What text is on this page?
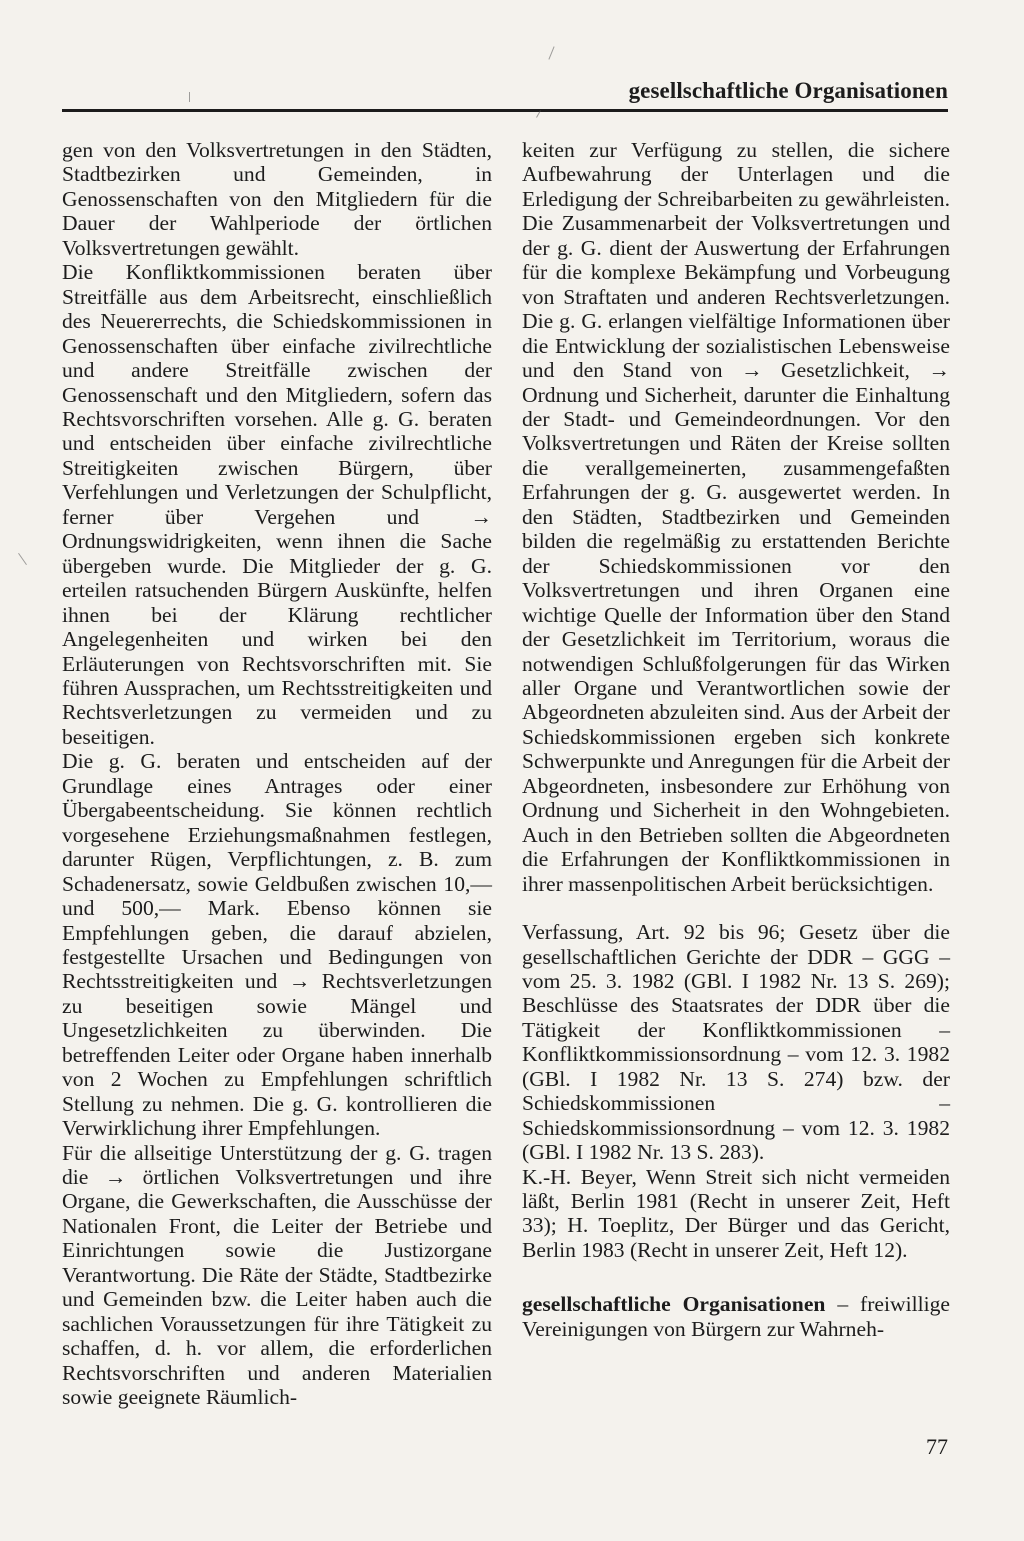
gesellschaftliche Organisationen

gen von den Volksvertretungen in den Städten, Stadtbezirken und Gemeinden, in Genossenschaften von den Mitgliedern für die Dauer der Wahlperiode der örtlichen Volksvertretungen gewählt.

Die Konfliktkommissionen beraten über Streitfälle aus dem Arbeitsrecht, einschließlich des Neuererrechts, die Schiedskommissionen in Genossenschaften über einfache zivilrechtliche und andere Streitfälle zwischen der Genossenschaft und den Mitgliedern, sofern das Rechtsvorschriften vorsehen. Alle g. G. beraten und entscheiden über einfache zivilrechtliche Streitigkeiten zwischen Bürgern, über Verfehlungen und Verletzungen der Schulpflicht, ferner über Vergehen und → Ordnungswidrigkeiten, wenn ihnen die Sache übergeben wurde. Die Mitglieder der g. G. erteilen ratsuchenden Bürgern Auskünfte, helfen ihnen bei der Klärung rechtlicher Angelegenheiten und wirken bei den Erläuterungen von Rechtsvorschriften mit. Sie führen Aussprachen, um Rechtsstreitigkeiten und Rechtsverletzungen zu vermeiden und zu beseitigen.

Die g. G. beraten und entscheiden auf der Grundlage eines Antrages oder einer Übergabeentscheidung. Sie können rechtlich vorgesehene Erziehungsmaßnahmen festlegen, darunter Rügen, Verpflichtungen, z. B. zum Schadenersatz, sowie Geldbußen zwischen 10,— und 500,— Mark. Ebenso können sie Empfehlungen geben, die darauf abzielen, festgestellte Ursachen und Bedingungen von Rechtsstreitigkeiten und → Rechtsverletzungen zu beseitigen sowie Mängel und Ungesetzlichkeiten zu überwinden. Die betreffenden Leiter oder Organe haben innerhalb von 2 Wochen zu Empfehlungen schriftlich Stellung zu nehmen. Die g. G. kontrollieren die Verwirklichung ihrer Empfehlungen.

Für die allseitige Unterstützung der g. G. tragen die → örtlichen Volksvertretungen und ihre Organe, die Gewerkschaften, die Ausschüsse der Nationalen Front, die Leiter der Betriebe und Einrichtungen sowie die Justizorgane Verantwortung. Die Räte der Städte, Stadtbezirke und Gemeinden bzw. die Leiter haben auch die sachlichen Voraussetzungen für ihre Tätigkeit zu schaffen, d. h. vor allem, die erforderlichen Rechtsvorschriften und anderen Materialien sowie geeignete Räumlich-

keiten zur Verfügung zu stellen, die sichere Aufbewahrung der Unterlagen und die Erledigung der Schreibarbeiten zu gewährleisten. Die Zusammenarbeit der Volksvertretungen und der g. G. dient der Auswertung der Erfahrungen für die komplexe Bekämpfung und Vorbeugung von Straftaten und anderen Rechtsverletzungen. Die g. G. erlangen vielfältige Informationen über die Entwicklung der sozialistischen Lebensweise und den Stand von → Gesetzlichkeit, → Ordnung und Sicherheit, darunter die Einhaltung der Stadt- und Gemeindeordnungen. Vor den Volksvertretungen und Räten der Kreise sollten die verallgemeinerten, zusammengefaßten Erfahrungen der g. G. ausgewertet werden. In den Städten, Stadtbezirken und Gemeinden bilden die regelmäßig zu erstattenden Berichte der Schiedskommissionen vor den Volksvertretungen und ihren Organen eine wichtige Quelle der Information über den Stand der Gesetzlichkeit im Territorium, woraus die notwendigen Schlußfolgerungen für das Wirken aller Organe und Verantwortlichen sowie der Abgeordneten abzuleiten sind. Aus der Arbeit der Schiedskommissionen ergeben sich konkrete Schwerpunkte und Anregungen für die Arbeit der Abgeordneten, insbesondere zur Erhöhung von Ordnung und Sicherheit in den Wohngebieten. Auch in den Betrieben sollten die Abgeordneten die Erfahrungen der Konfliktkommissionen in ihrer massenpolitischen Arbeit berücksichtigen.

Verfassung, Art. 92 bis 96; Gesetz über die gesellschaftlichen Gerichte der DDR – GGG – vom 25. 3. 1982 (GBl. I 1982 Nr. 13 S. 269); Beschlüsse des Staatsrates der DDR über die Tätigkeit der Konfliktkommissionen – Konfliktkommissionsordnung – vom 12. 3. 1982 (GBl. I 1982 Nr. 13 S. 274) bzw. der Schiedskommissionen – Schiedskommissionsordnung – vom 12. 3. 1982 (GBl. I 1982 Nr. 13 S. 283).

K.-H. Beyer, Wenn Streit sich nicht vermeiden läßt, Berlin 1981 (Recht in unserer Zeit, Heft 33); H. Toeplitz, Der Bürger und das Gericht, Berlin 1983 (Recht in unserer Zeit, Heft 12).

gesellschaftliche Organisationen – freiwillige Vereinigungen von Bürgern zur Wahrneh-

77
